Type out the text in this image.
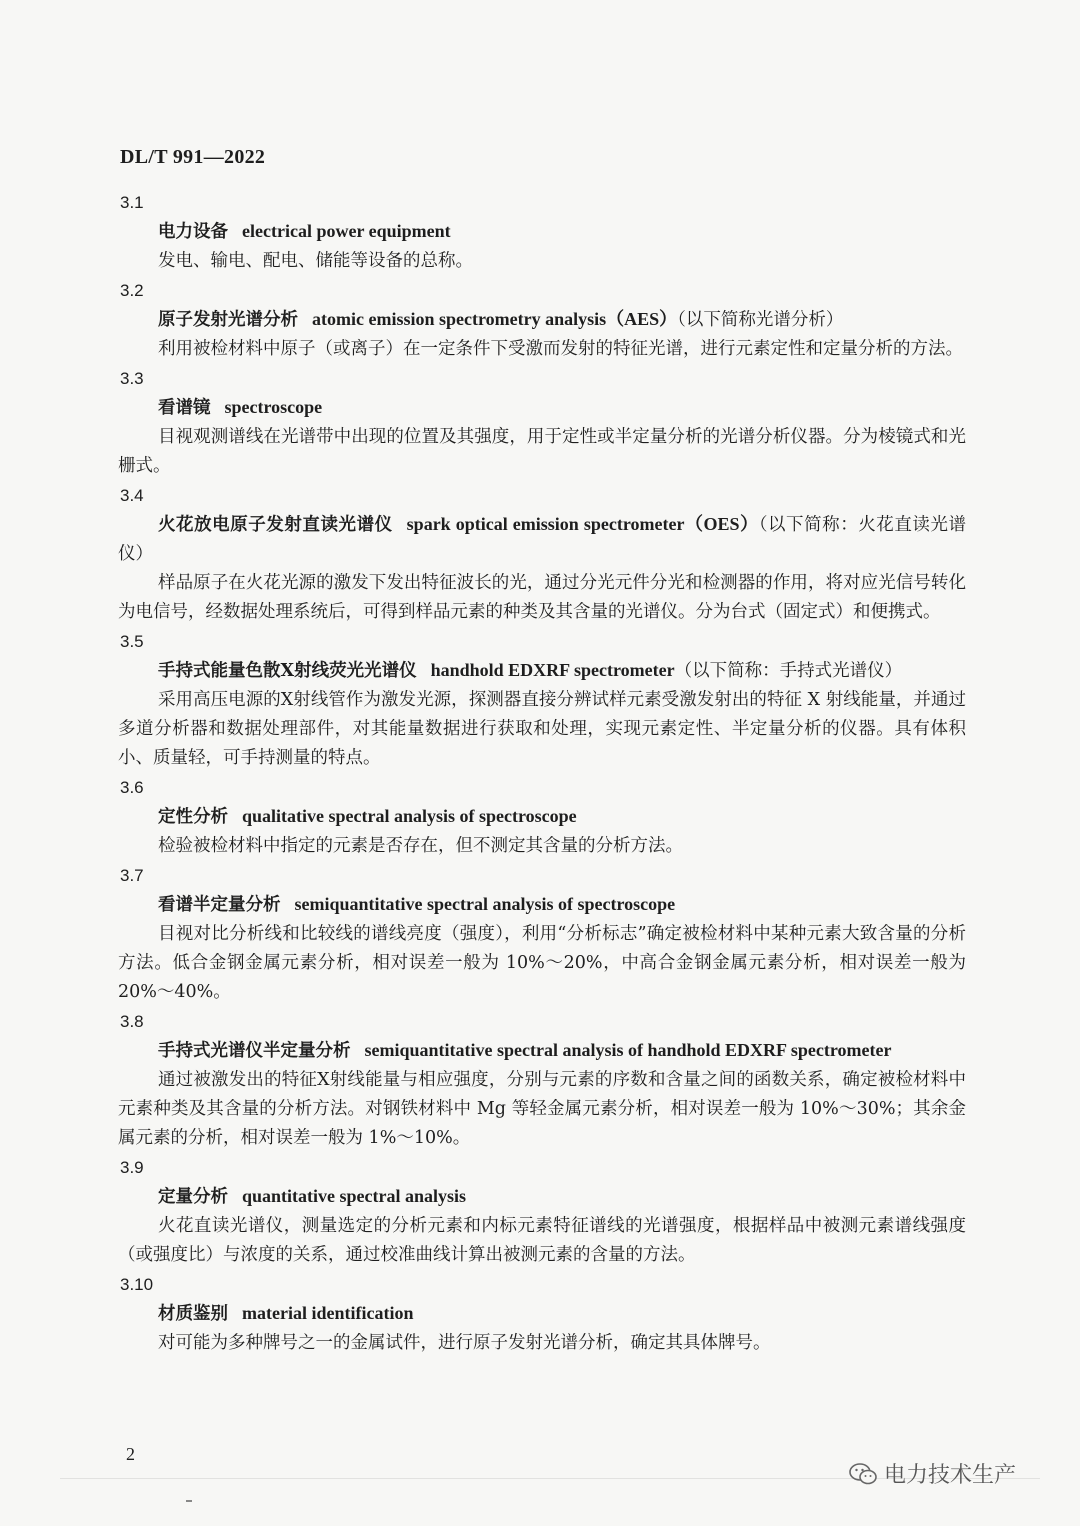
DL/T 991—2022
3.1
电力设备 electrical power equipment

发电、输电、配电、储能等设备的总称。

3.2
原子发射光谱分析 atomic emission spectrometry analysis（AES）（以下简称光谱分析）

利用被检材料中原子（或离子）在一定条件下受激而发射的特征光谱，进行元素定性和定量分析的方法。

3.3
看谱镜 spectroscope

目视观测谱线在光谱带中出现的位置及其强度，用于定性或半定量分析的光谱分析仪器。分为棱镜式和光栅式。

3.4
火花放电原子发射直读光谱仪 spark optical emission spectrometer（OES）（以下简称：火花直读光谱仪）

样品原子在火花光源的激发下发出特征波长的光，通过分光元件分光和检测器的作用，将对应光信号转化为电信号，经数据处理系统后，可得到样品元素的种类及其含量的光谱仪。分为台式（固定式）和便携式。

3.5
手持式能量色散X射线荧光光谱仪 handhold EDXRF spectrometer（以下简称：手持式光谱仪）

采用高压电源的X射线管作为激发光源，探测器直接分辨试样元素受激发射出的特征 X 射线能量，并通过多道分析器和数据处理部件，对其能量数据进行获取和处理，实现元素定性、半定量分析的仪器。具有体积小、质量轻，可手持测量的特点。

3.6
定性分析 qualitative spectral analysis of spectroscope

检验被检材料中指定的元素是否存在，但不测定其含量的分析方法。

3.7
看谱半定量分析 semiquantitative spectral analysis of spectroscope

目视对比分析线和比较线的谱线亮度（强度），利用“分析标志”确定被检材料中某种元素大致含量的分析方法。低合金钢金属元素分析，相对误差一般为 10%～20%，中高合金钢金属元素分析，相对误差一般为 20%～40%。

3.8
手持式光谱仪半定量分析 semiquantitative spectral analysis of handhold EDXRF spectrometer

通过被激发出的特征X射线能量与相应强度，分别与元素的序数和含量之间的函数关系，确定被检材料中元素种类及其含量的分析方法。对钢铁材料中 Mg 等轻金属元素分析，相对误差一般为 10%～30%；其余金属元素的分析，相对误差一般为 1%～10%。

3.9
定量分析 quantitative spectral analysis

火花直读光谱仪，测量选定的分析元素和内标元素特征谱线的光谱强度，根据样品中被测元素谱线强度（或强度比）与浓度的关系，通过校准曲线计算出被测元素的含量的方法。

3.10
材质鉴别 material identification

对可能为多种牌号之一的金属试件，进行原子发射光谱分析，确定其具体牌号。

2
电力技术生产
